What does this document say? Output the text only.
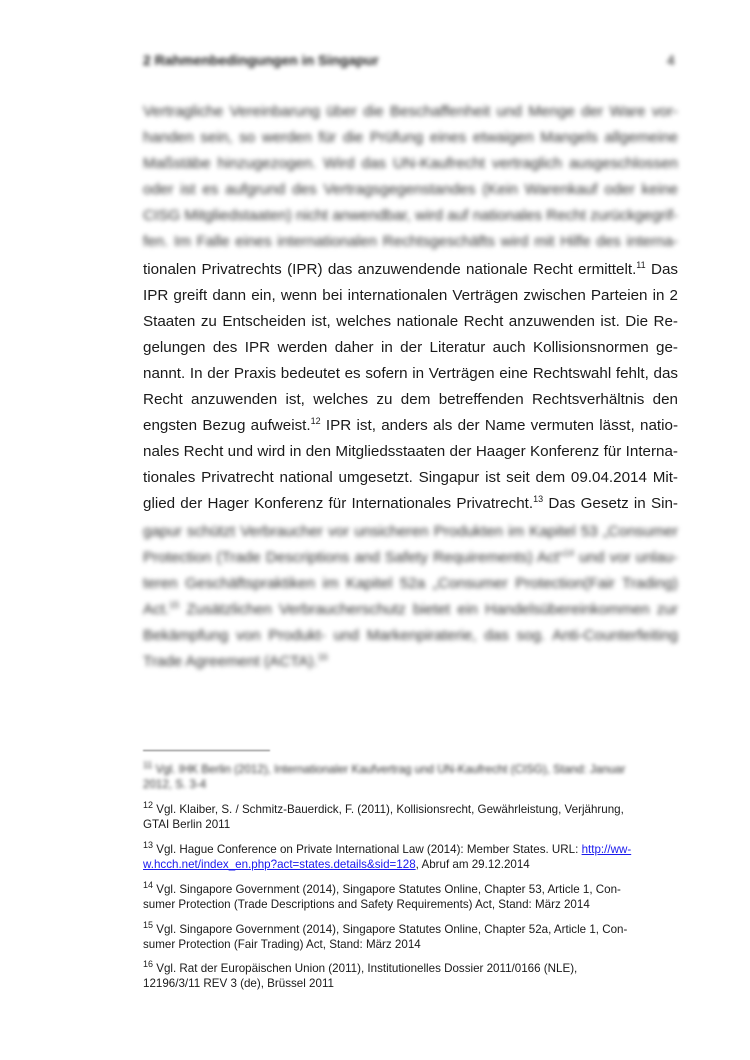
2 Rahmenbedingungen in Singapur	4
Vertragliche Vereinbarung über die Beschaffenheit und Menge der Ware vor-
handen sein, so werden für die Prüfung eines etwaigen Mangels allgemeine
Maßstäbe hinzugezogen. Wird das UN-Kaufrecht vertraglich ausgeschlossen
oder ist es aufgrund des Vertragsgegenstandes (Kein Warenkauf oder keine
CISG Mitgliedstaaten) nicht anwendbar, wird auf nationales Recht zurückgegrif-
fen. Im Falle eines internationalen Rechtsgeschäfts wird mit Hilfe des interna-
tionalen Privatrechts (IPR) das anzuwendende nationale Recht ermittelt.$^{11}$ Das
IPR greift dann ein, wenn bei internationalen Verträgen zwischen Parteien in 2
Staaten zu Entscheiden ist, welches nationale Recht anzuwenden ist. Die Re-
gelungen des IPR werden daher in der Literatur auch Kollisionsnormen ge-
nannt. In der Praxis bedeutet es sofern in Verträgen eine Rechtswahl fehlt, das
Recht anzuwenden ist, welches zu dem betreffenden Rechtsverhältnis den
engsten Bezug aufweist.$^{12}$ IPR ist, anders als der Name vermuten lässt, natio-
nales Recht und wird in den Mitgliedsstaaten der Haager Konferenz für Interna-
tionales Privatrecht national umgesetzt. Singapur ist seit dem 09.04.2014 Mit-
glied der Hager Konferenz für Internationales Privatrecht.$^{13}$ Das Gesetz in Sin-
gapur schützt Verbraucher vor unsicheren Produkten im Kapitel 53 „Consumer
Protection (Trade Descriptions and Safety Requirements) Act“$^{14}$ und vor unlau-
teren Geschäftspraktiken im Kapitel 52a „Consumer Protection(Fair Trading)
Act.$^{15}$ Zusätzlichen Verbraucherschutz bietet ein Handelsübereinkommen zur
Bekämpfung von Produkt- und Markenpiraterie, das sog. Anti-Counterfeiting
Trade Agreement (ACTA).$^{16}$
$^{11}$ Vgl. IHK Berlin (2012), Internationaler Kaufvertrag und UN-Kaufrecht (CISG), Stand: Januar
2012, S. 3-4
$^{12}$ Vgl. Klaiber, S. / Schmitz-Bauerdick, F. (2011), Kollisionsrecht, Gewährleistung, Verjährung,
GTAI Berlin 2011
$^{13}$ Vgl. Hague Conference on Private International Law (2014): Member States. URL: http://ww-
w.hcch.net/index_en.php?act=states.details&sid=128, Abruf am 29.12.2014
$^{14}$ Vgl. Singapore Government (2014), Singapore Statutes Online, Chapter 53, Article 1, Con-
sumer Protection (Trade Descriptions and Safety Requirements) Act, Stand: März 2014
$^{15}$ Vgl. Singapore Government (2014), Singapore Statutes Online, Chapter 52a, Article 1, Con-
sumer Protection (Fair Trading) Act, Stand: März 2014
$^{16}$ Vgl. Rat der Europäischen Union (2011), Institutionelles Dossier 2011/0166 (NLE),
12196/3/11 REV 3 (de), Brüssel 2011
